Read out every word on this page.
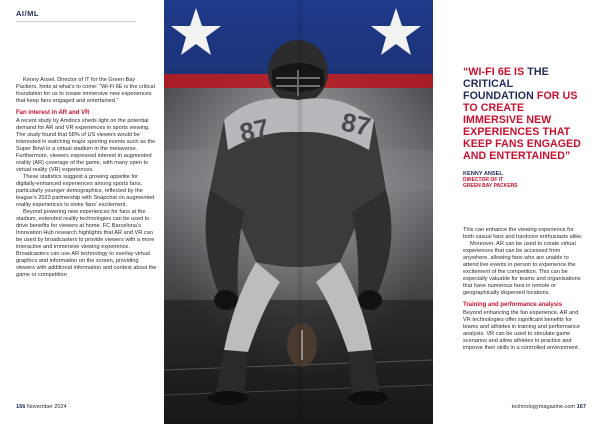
AI/ML

Kenny Ansel, Director of IT for the Green Bay Packers, hints at what’s to come: “Wi-Fi 6E is the critical foundation for us to create immersive new experiences that keep fans engaged and entertained.”

Fan interest in AR and VR

A recent study by Amdocs sheds light on the potential demand for AR and VR experiences in sports viewing. The study found that 58% of US viewers would be interested in watching major sporting events such as the Super Bowl in a virtual stadium in the metaverse. Furthermore, viewers expressed interest in augmented reality (AR) coverage of the game, with many open to virtual reality (VR) experiences.

These statistics suggest a growing appetite for digitally-enhanced experiences among sports fans, particularly younger demographics, reflected by the league’s 2023 partnership with Snapchat on augmented reality experiences to stoke fans’ excitement.

Beyond powering new experiences for fans at the stadium, extended reality technologies can be used to drive benefits for viewers at home. FC Barcelona’s Innovation Hub research highlights that AR and VR can be used by broadcasters to provide viewers with a more interactive and immersive viewing experience. Broadcasters can use AR technology to overlay virtual graphics and information on the screen, providing viewers with additional information and context about the game or competition

87	87
“WI-FI 6E IS THE CRITICAL FOUNDATION FOR US TO CREATE IMMERSIVE NEW EXPERIENCES THAT KEEP FANS ENGAGED AND ENTERTAINED”
KENNY ANSEL
DIRECTOR OF IT
GREEN BAY PACKERS

This can enhance the viewing experience for both casual fans and hardcore enthusiasts alike.

Moreover, AR can be used to create virtual experiences that can be accessed from anywhere, allowing fans who are unable to attend live events in person to experience the excitement of the competition. This can be especially valuable for teams and organisations that have numerous fans in remote or geographically dispersed locations.

Training and performance analysis

Beyond enhancing the fan experience, AR and VR technologies offer significant benefits for teams and athletes in training and performance analysis. VR can be used to simulate game scenarios and allow athletes to practice and improve their skills in a controlled environment.

166 November 2024	technologymagazine.com 167
